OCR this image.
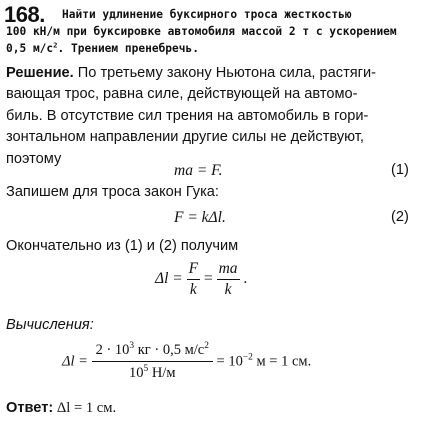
168. Найти удлинение буксирного троса жесткостью
100 кН/м при буксировке автомобиля массой 2 т с ускорением
0,5 $м/с^2$. Трением пренебречь.
Решение. По третьему закону Ньютона сила, растяги-
вающая трос, равна силе, действующей на автомо-
биль. В отсутствие сил трения на автомобиль в гори-
зонтальном направлении другие силы не действуют,
поэтому
ma = F.	(1)
Запишем для троса закон Гука:
F = kΔl.	(2)
Окончательно из (1) и (2) получим
$\Delta l = \frac{F}{k} = \frac{ma}{k}$ .
Вычисления:
$\Delta l = \frac{2 \cdot 10^3 кг \cdot 0,5 м/с^2}{10^5 Н/м} = 10^{-2}$ м = 1 см.
Ответ: Δl = 1 см.
